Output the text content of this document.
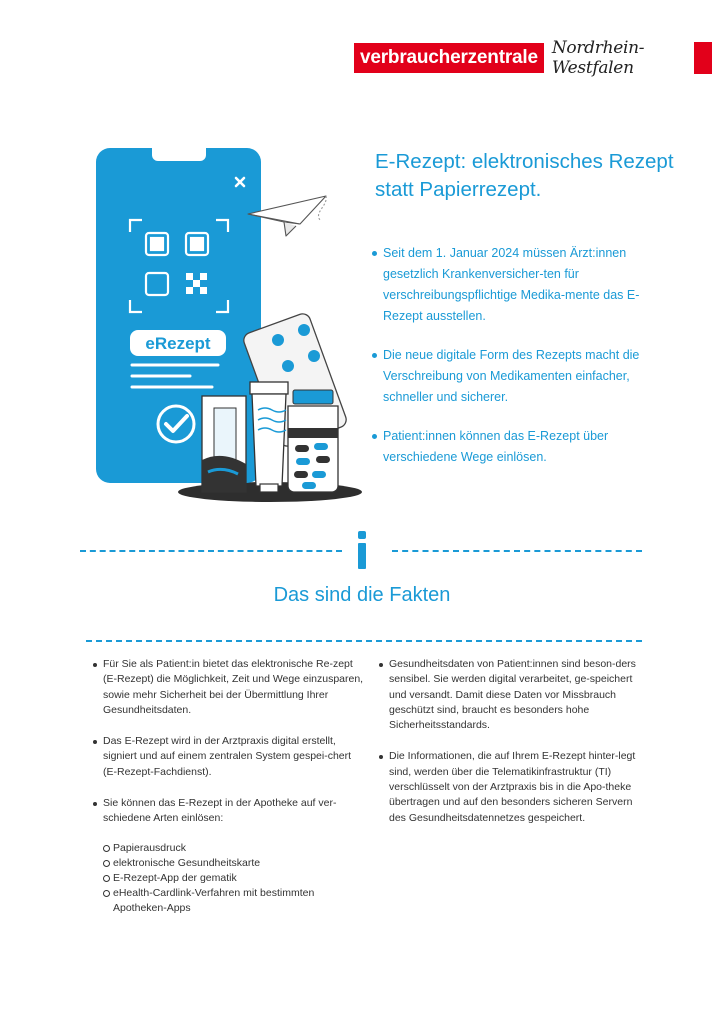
verbraucherzentrale Nordrhein-Westfalen
eRezept
E-Rezept: elektronisches Rezept statt Papierrezept.
Seit dem 1. Januar 2024 müssen Ärzt:innen gesetzlich Krankenversicher-ten für verschreibungspflichtige Medika-mente das E-Rezept ausstellen.
Die neue digitale Form des Rezepts macht die Verschreibung von Medikamenten einfacher, schneller und sicherer.
Patient:innen können das E-Rezept über verschiedene Wege einlösen.
Das sind die Fakten

Für Sie als Patient:in bietet das elektronische Re-zept (E-Rezept) die Möglichkeit, Zeit und Wege einzusparen, sowie mehr Sicherheit bei der Übermittlung Ihrer Gesundheitsdaten.

Das E-Rezept wird in der Arztpraxis digital erstellt, signiert und auf einem zentralen System gespei-chert (E-Rezept-Fachdienst).

Sie können das E-Rezept in der Apotheke auf ver-schiedene Arten einlösen:

Papierausdruck
elektronische Gesundheitskarte
E-Rezept-App der gematik
eHealth-Cardlink-Verfahren mit bestimmten Apotheken-Apps

Gesundheitsdaten von Patient:innen sind beson-ders sensibel. Sie werden digital verarbeitet, ge-speichert und versandt. Damit diese Daten vor Missbrauch geschützt sind, braucht es besonders hohe Sicherheitsstandards.

Die Informationen, die auf Ihrem E-Rezept hinter-legt sind, werden über die Telematikinfrastruktur (TI) verschlüsselt von der Arztpraxis bis in die Apo-theke übertragen und auf den besonders sicheren Servern des Gesundheitsdatennetzes gespeichert.
